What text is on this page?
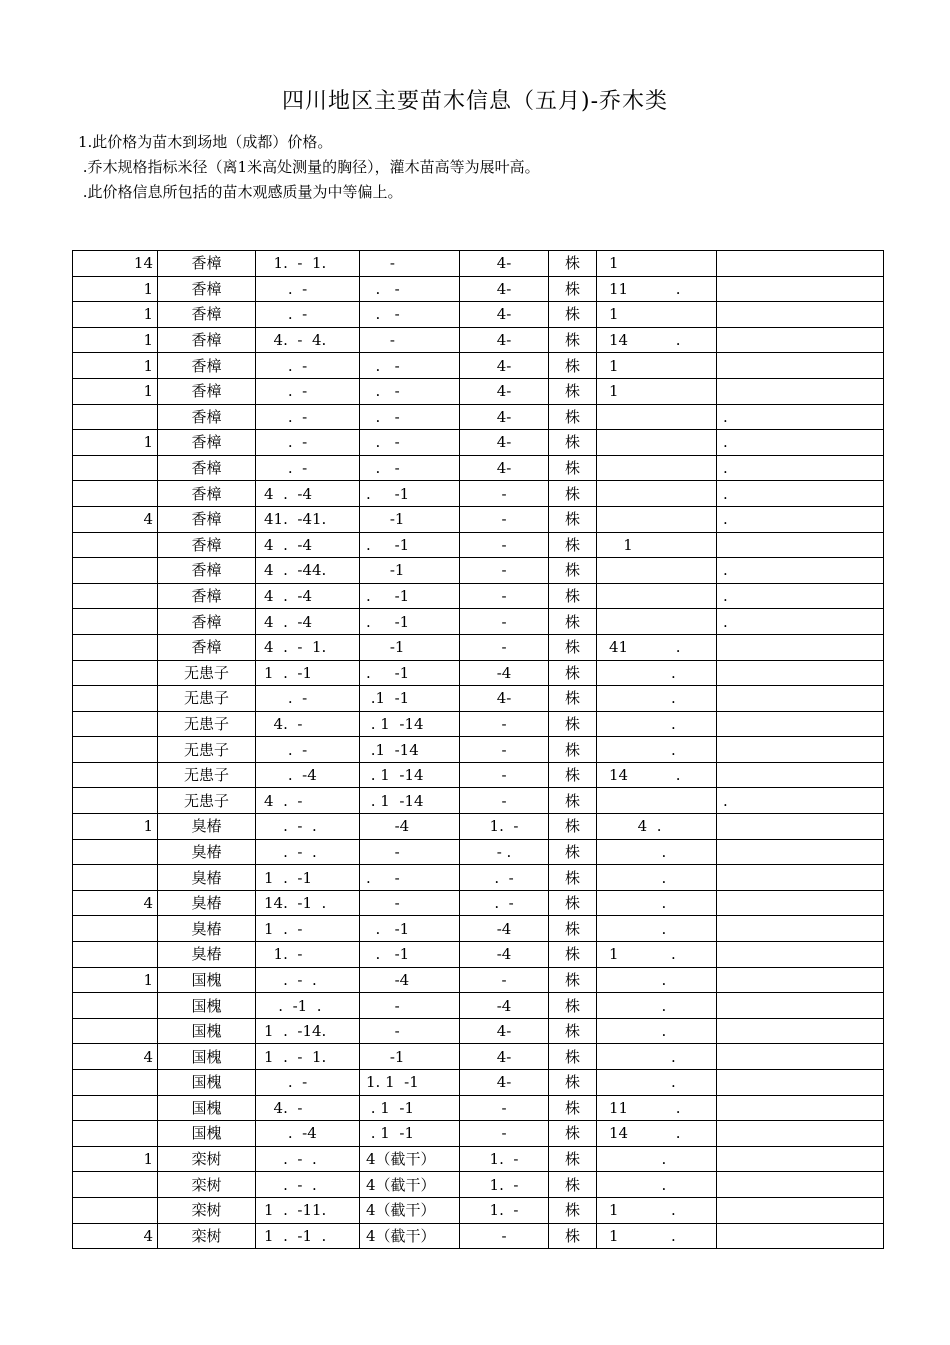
四川地区主要苗木信息（五月)-乔木类
1.此价格为苗木到场地（成都）价格。
.乔木规格指标米径（离1米高处测量的胸径），灌木苗高等为展叶高。
.此价格信息所包括的苗木观感质量为中等偏上。
14	香樟	1.  -  1.	-	4-	株	1	
1	香樟	.  -	.   -	4-	株	11          .	
1	香樟	.  -	.   -	4-	株	1	
1	香樟	4.  -  4.	-	4-	株	14          .	
1	香樟	.  -	.   -	4-	株	1	
1	香樟	.  -	.   -	4-	株	1	
	香樟	.  -	.   -	4-	株		.
1	香樟	.  -	.   -	4-	株		.
	香樟	.  -	.   -	4-	株		.
	香樟	4  .  -4	.     -1	-	株		.
4	香樟	41.  -41.	-1	-	株		.
	香樟	4  .  -4	.     -1	-	株	1	
	香樟	4  .  -44.	-1	-	株		.
	香樟	4  .  -4	.     -1	-	株		.
	香樟	4  .  -4	.     -1	-	株		.
	香樟	4  .  -  1.	-1	-	株	41          .	
	无患子	1  .  -1	.     -1	-4	株	.	
	无患子	.  -	.1  -1	4-	株	.	
	无患子	4.  -	. 1  -14	-	株	.	
	无患子	.  -	.1  -14	-	株	.	
	无患子	.  -4	. 1  -14	-	株	14          .	
	无患子	4  .  -	. 1  -14	-	株		.
1	臭椿	.  -  .	-4	1.  -	株	4  .	
	臭椿	.  -  .	-	- .	株	.	
	臭椿	1  .  -1	.     -	.  -	株	.	
4	臭椿	14.  -1  .	-	.  -	株	.	
	臭椿	1  .  -	.   -1	-4	株	.	
	臭椿	1.  -	.   -1	-4	株	1           .	
1	国槐	.  -  .	-4	-	株	.	
	国槐	.  -1  .	-	-4	株	.	
	国槐	1  .  -14.	-	4-	株	.	
4	国槐	1  .  -  1.	-1	4-	株	.	
	国槐	.  -	1. 1  -1	4-	株	.	
	国槐	4.  -	. 1  -1	-	株	11          .	
	国槐	.  -4	. 1  -1	-	株	14          .	
1	栾树	.  -  .	4（截干）	1.  -	株	.	
	栾树	.  -  .	4（截干）	1.  -	株	.	
	栾树	1  .  -11.	4（截干）	1.  -	株	1           .	
4	栾树	1  .  -1  .	4（截干）	-	株	1           .	
